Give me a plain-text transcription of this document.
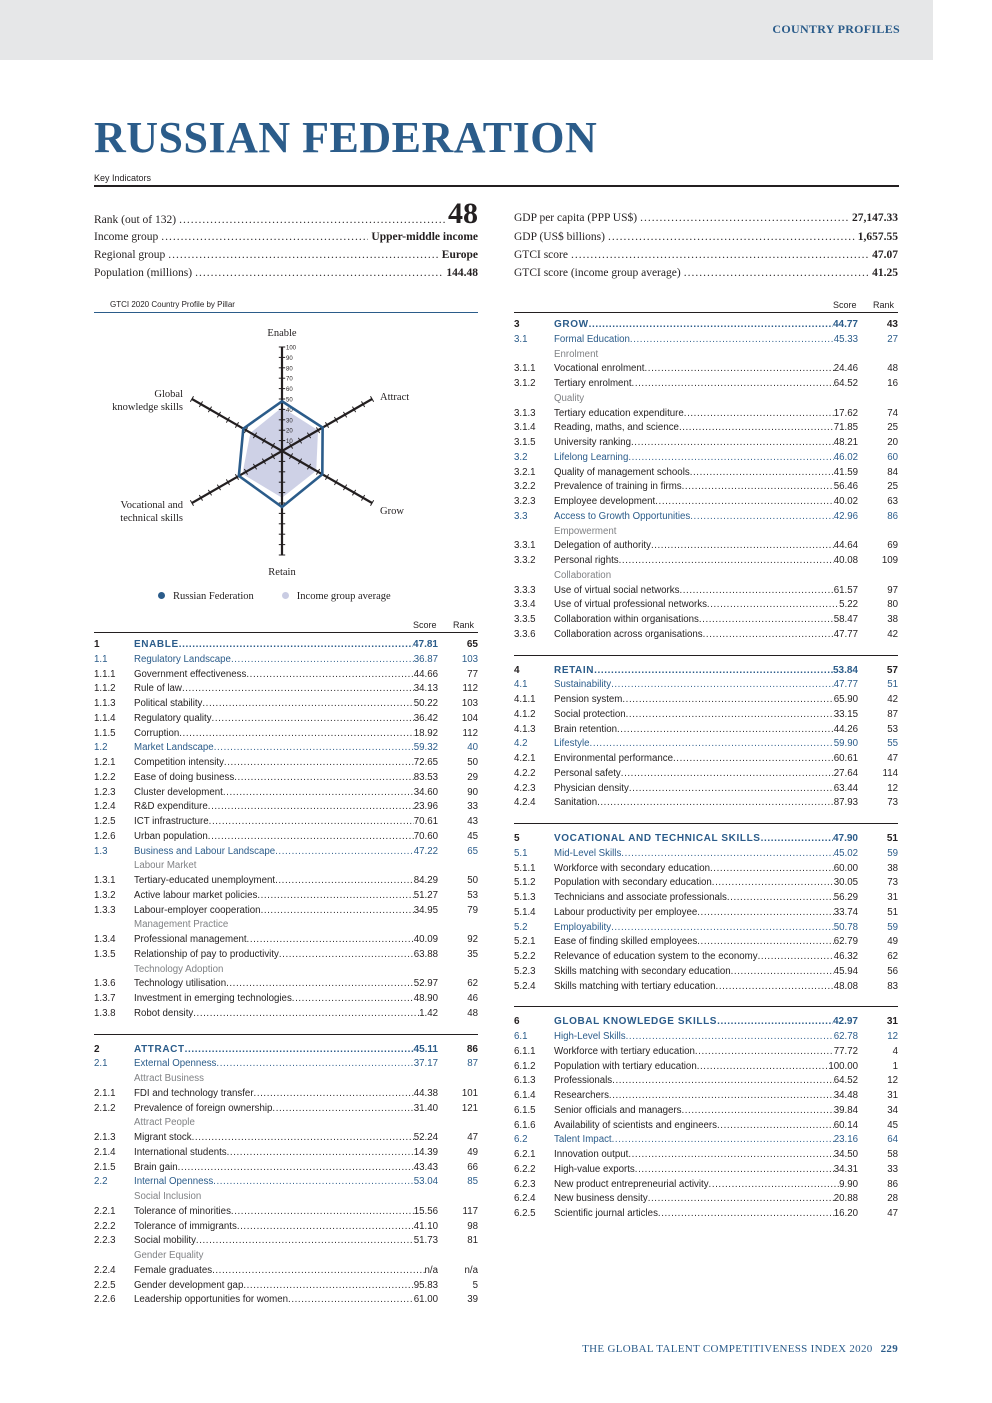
COUNTRY PROFILES
RUSSIAN FEDERATION
Key Indicators
Rank (out of 132) .....	48
Income group .....	Upper-middle income
Regional group .....	Europe
Population (millions) .....	144.48
GDP per capita (PPP US$) .....	27,147.33
GDP (US$ billions) .....	1,657.55
GTCI score .....	47.07
GTCI score (income group average) .....	41.25
GTCI 2020 Country Profile by Pillar
10
20
30
40
50
60
70
80
90
100
Enable
Attract
Grow
Retain
Vocational and
technical skills
Global
knowledge skills
Russian Federation	Income group average
Score Rank
Score Rank
1	ENABLE .....	47.81	65
1.1	Regulatory Landscape .....	36.87	103
1.1.1	Government effectiveness .....	44.66	77
1.1.2	Rule of law .....	34.13	112
1.1.3	Political stability .....	50.22	103
1.1.4	Regulatory quality .....	36.42	104
1.1.5	Corruption .....	18.92	112
1.2	Market Landscape .....	59.32	40
1.2.1	Competition intensity .....	72.65	50
1.2.2	Ease of doing business .....	83.53	29
1.2.3	Cluster development .....	34.60	90
1.2.4	R&D expenditure .....	23.96	33
1.2.5	ICT infrastructure .....	70.61	43
1.2.6	Urban population .....	70.60	45
1.3	Business and Labour Landscape .....	47.22	65
Labour Market
1.3.1	Tertiary-educated unemployment .....	84.29	50
1.3.2	Active labour market policies .....	51.27	53
1.3.3	Labour-employer cooperation .....	34.95	79
Management Practice
1.3.4	Professional management .....	40.09	92
1.3.5	Relationship of pay to productivity .....	63.88	35
Technology Adoption
1.3.6	Technology utilisation .....	52.97	62
1.3.7	Investment in emerging technologies .....	48.90	46
1.3.8	Robot density .....	1.42	48
2	ATTRACT .....	45.11	86
2.1	External Openness .....	37.17	87
Attract Business
2.1.1	FDI and technology transfer .....	44.38	101
2.1.2	Prevalence of foreign ownership .....	31.40	121
Attract People
2.1.3	Migrant stock .....	52.24	47
2.1.4	International students .....	14.39	49
2.1.5	Brain gain .....	43.43	66
2.2	Internal Openness .....	53.04	85
Social Inclusion
2.2.1	Tolerance of minorities .....	15.56	117
2.2.2	Tolerance of immigrants .....	41.10	98
2.2.3	Social mobility .....	51.73	81
Gender Equality
2.2.4	Female graduates .....	n/a	n/a
2.2.5	Gender development gap .....	95.83	5
2.2.6	Leadership opportunities for women .....	61.00	39
3	GROW .....	44.77	43
3.1	Formal Education .....	45.33	27
Enrolment
3.1.1	Vocational enrolment .....	24.46	48
3.1.2	Tertiary enrolment .....	64.52	16
Quality
3.1.3	Tertiary education expenditure .....	17.62	74
3.1.4	Reading, maths, and science .....	71.85	25
3.1.5	University ranking .....	48.21	20
3.2	Lifelong Learning .....	46.02	60
3.2.1	Quality of management schools .....	41.59	84
3.2.2	Prevalence of training in firms .....	56.46	25
3.2.3	Employee development .....	40.02	63
3.3	Access to Growth Opportunities .....	42.96	86
Empowerment
3.3.1	Delegation of authority .....	44.64	69
3.3.2	Personal rights .....	40.08	109
Collaboration
3.3.3	Use of virtual social networks .....	61.57	97
3.3.4	Use of virtual professional networks .....	5.22	80
3.3.5	Collaboration within organisations .....	58.47	38
3.3.6	Collaboration across organisations .....	47.77	42
4	RETAIN .....	53.84	57
4.1	Sustainability .....	47.77	51
4.1.1	Pension system .....	65.90	42
4.1.2	Social protection .....	33.15	87
4.1.3	Brain retention .....	44.26	53
4.2	Lifestyle .....	59.90	55
4.2.1	Environmental performance .....	60.61	47
4.2.2	Personal safety .....	27.64	114
4.2.3	Physician density .....	63.44	12
4.2.4	Sanitation .....	87.93	73
5	VOCATIONAL AND TECHNICAL SKILLS .....	47.90	51
5.1	Mid-Level Skills .....	45.02	59
5.1.1	Workforce with secondary education .....	60.00	38
5.1.2	Population with secondary education .....	30.05	73
5.1.3	Technicians and associate professionals .....	56.29	31
5.1.4	Labour productivity per employee .....	33.74	51
5.2	Employability .....	50.78	59
5.2.1	Ease of finding skilled employees .....	62.79	49
5.2.2	Relevance of education system to the economy .....	46.32	62
5.2.3	Skills matching with secondary education .....	45.94	56
5.2.4	Skills matching with tertiary education .....	48.08	83
6	GLOBAL KNOWLEDGE SKILLS .....	42.97	31
6.1	High-Level Skills .....	62.78	12
6.1.1	Workforce with tertiary education .....	77.72	4
6.1.2	Population with tertiary education .....	100.00	1
6.1.3	Professionals .....	64.52	12
6.1.4	Researchers .....	34.48	31
6.1.5	Senior officials and managers .....	39.84	34
6.1.6	Availability of scientists and engineers .....	60.14	45
6.2	Talent Impact .....	23.16	64
6.2.1	Innovation output .....	34.50	58
6.2.2	High-value exports .....	34.31	33
6.2.3	New product entrepreneurial activity .....	9.90	86
6.2.4	New business density .....	20.88	28
6.2.5	Scientific journal articles .....	16.20	47
THE GLOBAL TALENT COMPETITIVENESS INDEX 2020 229
